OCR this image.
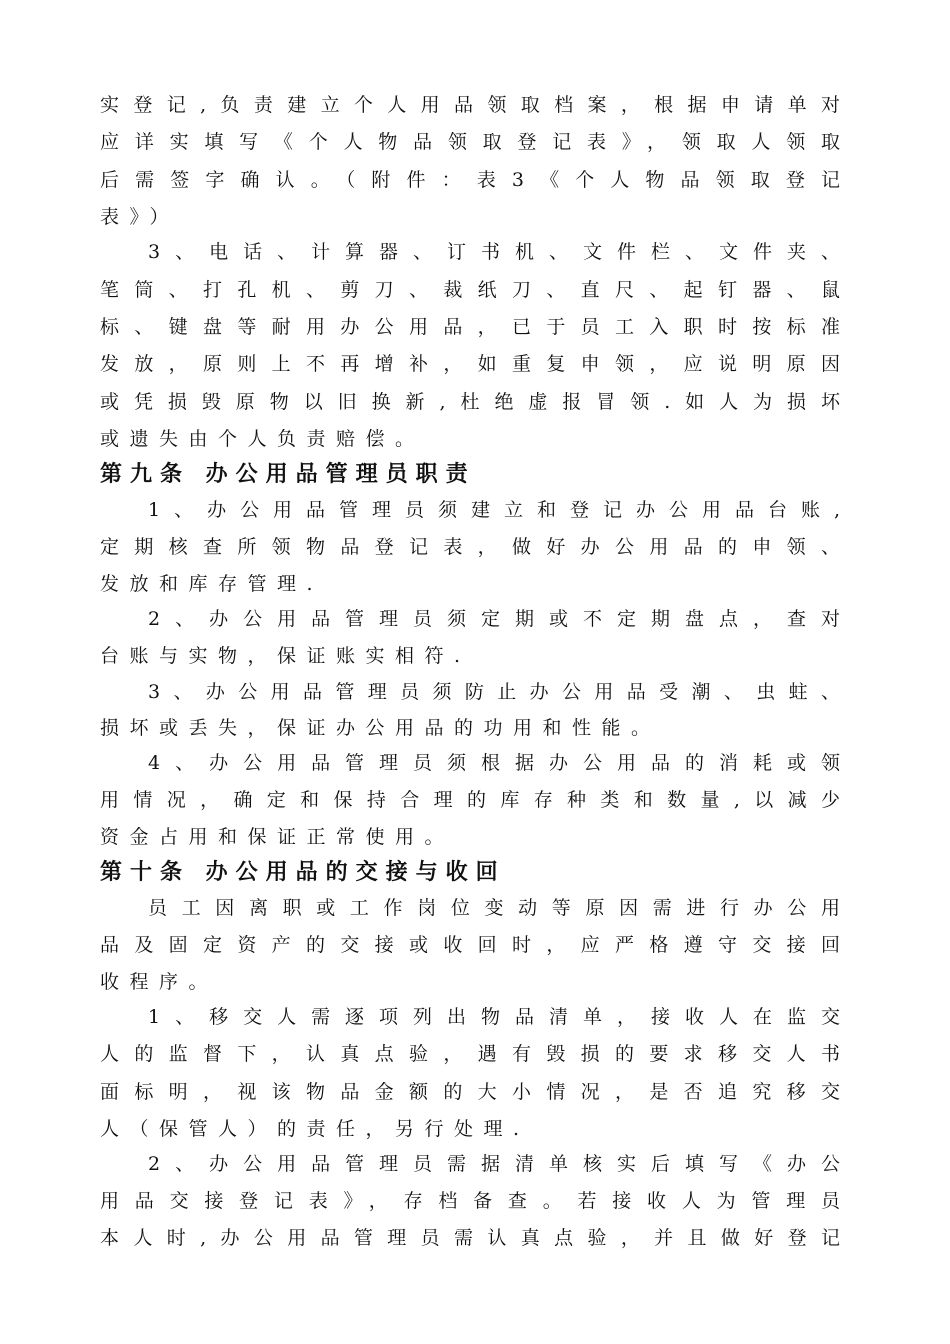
实登记,负责建立个人用品领取档案，根据申请单对
应详实填写《个人物品领取登记表》，领取人领取
后需签字确认。（附件：表3《个人物品领取登记
表》）
3、电话、计算器、订书机、文件栏、文件夹、
笔筒、打孔机、剪刀、裁纸刀、直尺、起钉器、鼠
标、键盘等耐用办公用品，已于员工入职时按标准
发放，原则上不再增补，如重复申领，应说明原因
或凭损毁原物以旧换新,杜绝虚报冒领.如人为损坏
或遗失由个人负责赔偿。
第九条 办公用品管理员职责
1、办公用品管理员须建立和登记办公用品台账,
定期核查所领物品登记表，做好办公用品的申领、
发放和库存管理.
2、办公用品管理员须定期或不定期盘点，查对
台账与实物，保证账实相符.
3、办公用品管理员须防止办公用品受潮、虫蛀、
损坏或丢失，保证办公用品的功用和性能。
4、办公用品管理员须根据办公用品的消耗或领
用情况，确定和保持合理的库存种类和数量,以减少
资金占用和保证正常使用。
第十条 办公用品的交接与收回
员工因离职或工作岗位变动等原因需进行办公用
品及固定资产的交接或收回时，应严格遵守交接回
收程序。
1、移交人需逐项列出物品清单，接收人在监交
人的监督下，认真点验，遇有毁损的要求移交人书
面标明，视该物品金额的大小情况，是否追究移交
人（保管人）的责任，另行处理.
2、办公用品管理员需据清单核实后填写《办公
用品交接登记表》，存档备查。若接收人为管理员
本人时,办公用品管理员需认真点验，并且做好登记
